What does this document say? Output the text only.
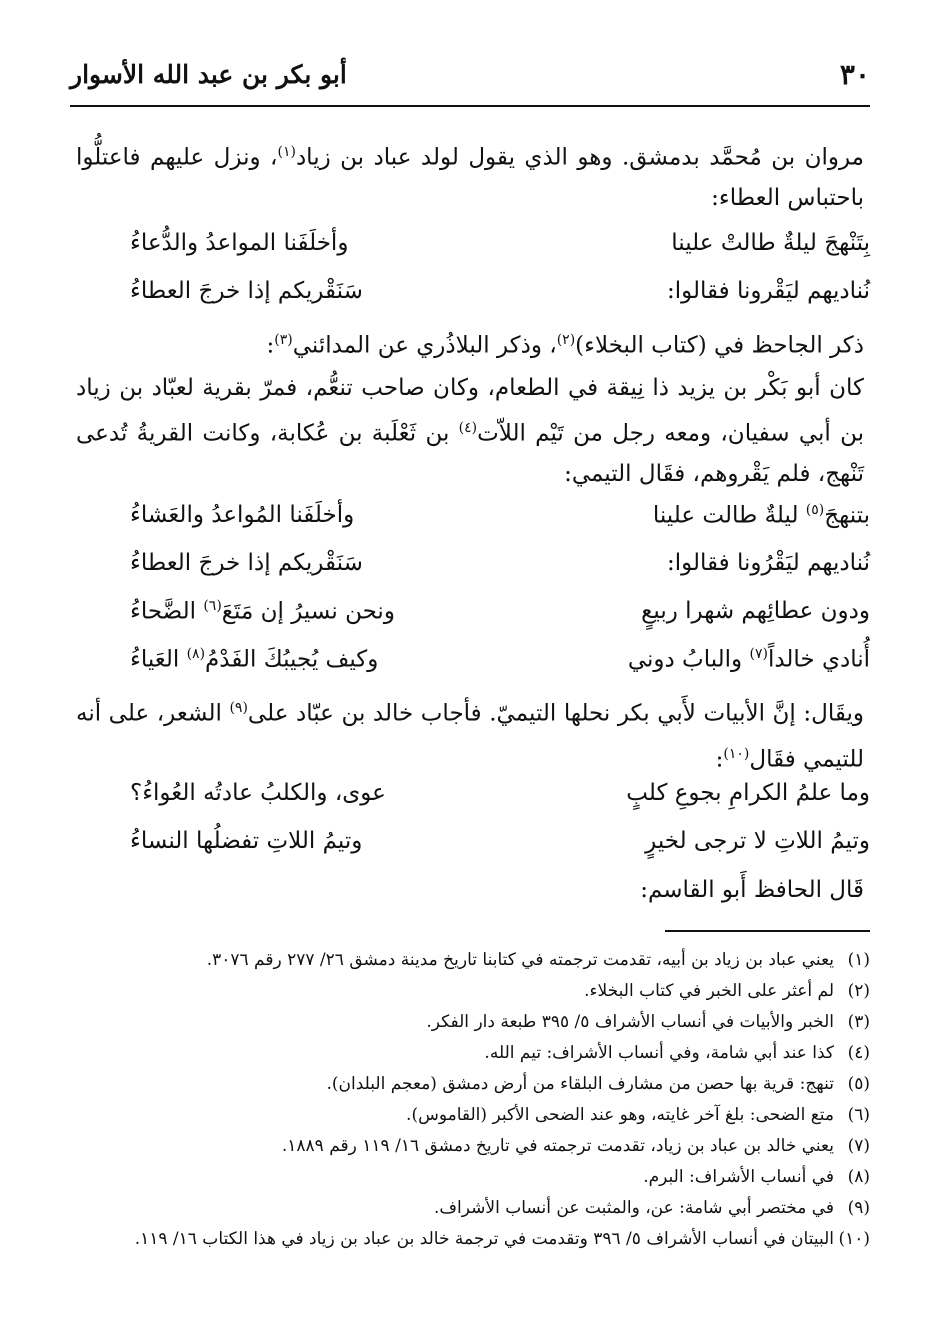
٣٠
أبو بكر بن عبد الله الأسوار
مروان بن مُحمَّد بدمشق. وهو الذي يقول لولد عباد بن زياد$^{(١)}$، ونزل عليهم فاعتلُّوا باحتباس العطاء:
بِتَنْهجَ ليلةٌ طالتْ علينا
وأخلَفَنا المواعدُ والدُّعاءُ
نُناديهم ليَقْرونا فقالوا:
سَنَقْريكم إذا خرجَ العطاءُ
ذكر الجاحظ في (كتاب البخلاء)$^{(٢)}$، وذكر البلاذُري عن المدائني$^{(٣)}$:
كان أبو بَكْر بن يزيد ذا نِيقة في الطعام، وكان صاحب تنعُّم، فمرّ بقرية لعبّاد بن زياد بن أبي سفيان، ومعه رجل من تَيْم اللاّت$^{(٤)}$ بن ثَعْلَبة بن عُكابة، وكانت القريةُ تُدعى تَنْهج، فلم يَقْروهم، فقَال التيمي:
بتنهجَ$^{(٥)}$ ليلةٌ طالت علينا
وأخلَفَنا المُواعدُ والعَشاءُ
نُناديهم ليَقْرُونا فقالوا:
سَنَقْريكم إذا خرجَ العطاءُ
ودون عطائِهم شهرا ربيعٍ
ونحن نسيرُ إن مَتَعَ$^{(٦)}$ الضَّحاءُ
أُنادي خالداً$^{(٧)}$ والبابُ دوني
وكيف يُجيبُكَ الفَدْمُ$^{(٨)}$ العَياءُ
ويقَال: إنَّ الأبيات لأَبي بكر نحلها التيميّ. فأجاب خالد بن عبّاد على$^{(٩)}$ الشعر، على أنه للتيمي فقَال$^{(١٠)}$:
وما علمُ الكرامِ بجوعِ كلبٍ
عوى، والكلبُ عادتُه العُواءُ؟
وتيمُ اللاتِ لا ترجى لخيرٍ
وتيمُ اللاتِ تفضلُها النساءُ
قَال الحافظ أَبو القاسم:
(١)يعني عباد بن زياد بن أبيه، تقدمت ترجمته في كتابنا تاريخ مدينة دمشق ٢٦/ ٢٧٧ رقم ٣٠٧٦.
(٢)لم أعثر على الخبر في كتاب البخلاء.
(٣)الخبر والأبيات في أنساب الأشراف ٥/ ٣٩٥ طبعة دار الفكر.
(٤)كذا عند أبي شامة، وفي أنساب الأشراف: تيم الله.
(٥)تنهج: قرية بها حصن من مشارف البلقاء من أرض دمشق (معجم البلدان).
(٦)متع الضحى: بلغ آخر غايته، وهو عند الضحى الأكبر (القاموس).
(٧)يعني خالد بن عباد بن زياد، تقدمت ترجمته في تاريخ دمشق ١٦/ ١١٩ رقم ١٨٨٩.
(٨)في أنساب الأشراف: البرم.
(٩)في مختصر أبي شامة: عن، والمثبت عن أنساب الأشراف.
(١٠)البيتان في أنساب الأشراف ٥/ ٣٩٦ وتقدمت في ترجمة خالد بن عباد بن زياد في هذا الكتاب ١٦/ ١١٩.
